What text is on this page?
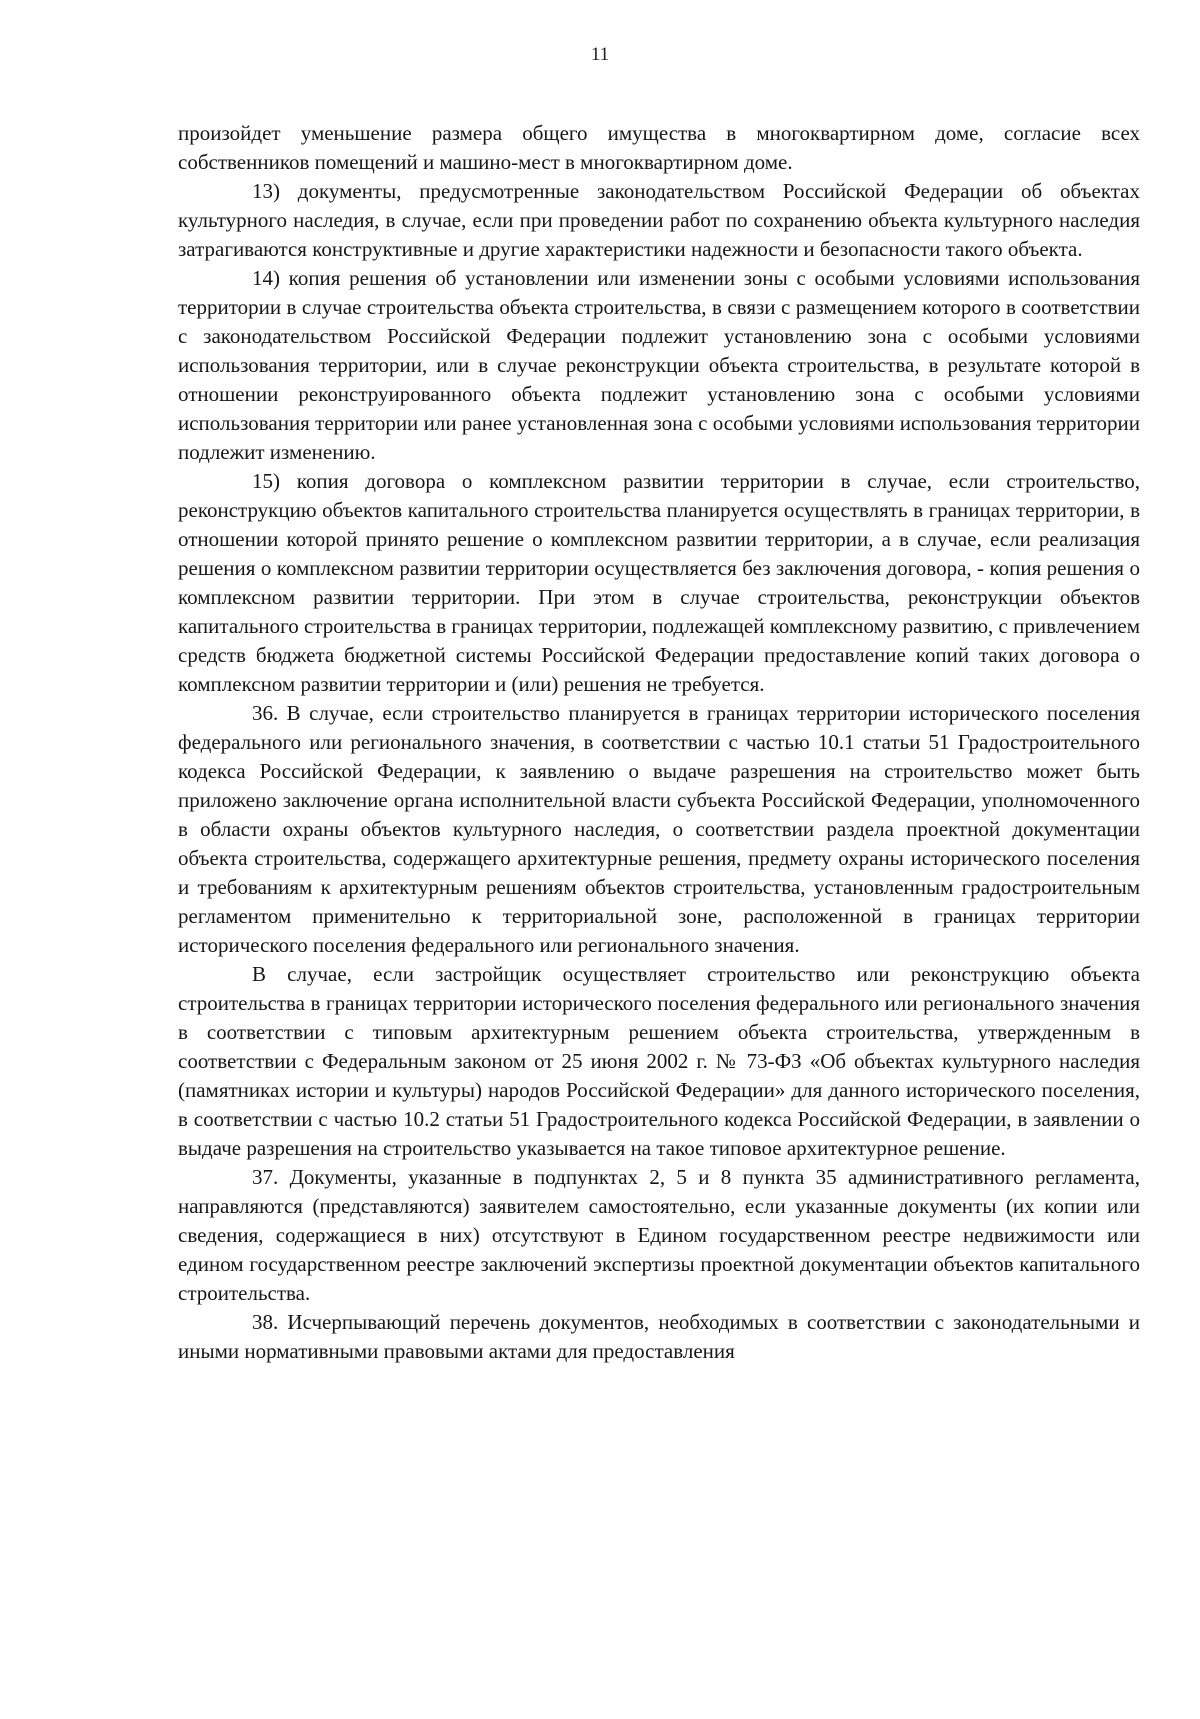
11

произойдет уменьшение размера общего имущества в многоквартирном доме, согласие всех собственников помещений и машино-мест в многоквартирном доме.

13) документы, предусмотренные законодательством Российской Федерации об объектах культурного наследия, в случае, если при проведении работ по сохранению объекта культурного наследия затрагиваются конструктивные и другие характеристики надежности и безопасности такого объекта.

14) копия решения об установлении или изменении зоны с особыми условиями использования территории в случае строительства объекта строительства, в связи с размещением которого в соответствии с законодательством Российской Федерации подлежит установлению зона с особыми условиями использования территории, или в случае реконструкции объекта строительства, в результате которой в отношении реконструированного объекта подлежит установлению зона с особыми условиями использования территории или ранее установленная зона с особыми условиями использования территории подлежит изменению.

15) копия договора о комплексном развитии территории в случае, если строительство, реконструкцию объектов капитального строительства планируется осуществлять в границах территории, в отношении которой принято решение о комплексном развитии территории, а в случае, если реализация решения о комплексном развитии территории осуществляется без заключения договора, - копия решения о комплексном развитии территории. При этом в случае строительства, реконструкции объектов капитального строительства в границах территории, подлежащей комплексному развитию, с привлечением средств бюджета бюджетной системы Российской Федерации предоставление копий таких договора о комплексном развитии территории и (или) решения не требуется.

36. В случае, если строительство планируется в границах территории исторического поселения федерального или регионального значения, в соответствии с частью 10.1 статьи 51 Градостроительного кодекса Российской Федерации, к заявлению о выдаче разрешения на строительство может быть приложено заключение органа исполнительной власти субъекта Российской Федерации, уполномоченного в области охраны объектов культурного наследия, о соответствии раздела проектной документации объекта строительства, содержащего архитектурные решения, предмету охраны исторического поселения и требованиям к архитектурным решениям объектов строительства, установленным градостроительным регламентом применительно к территориальной зоне, расположенной в границах территории исторического поселения федерального или регионального значения.

В случае, если застройщик осуществляет строительство или реконструкцию объекта строительства в границах территории исторического поселения федерального или регионального значения в соответствии с типовым архитектурным решением объекта строительства, утвержденным в соответствии с Федеральным законом от 25 июня 2002 г. № 73-ФЗ «Об объектах культурного наследия (памятниках истории и культуры) народов Российской Федерации» для данного исторического поселения, в соответствии с частью 10.2 статьи 51 Градостроительного кодекса Российской Федерации, в заявлении о выдаче разрешения на строительство указывается на такое типовое архитектурное решение.

37. Документы, указанные в подпунктах 2, 5 и 8 пункта 35 административного регламента, направляются (представляются) заявителем самостоятельно, если указанные документы (их копии или сведения, содержащиеся в них) отсутствуют в Едином государственном реестре недвижимости или едином государственном реестре заключений экспертизы проектной документации объектов капитального строительства.

38. Исчерпывающий перечень документов, необходимых в соответствии с законодательными и иными нормативными правовыми актами для предоставления
